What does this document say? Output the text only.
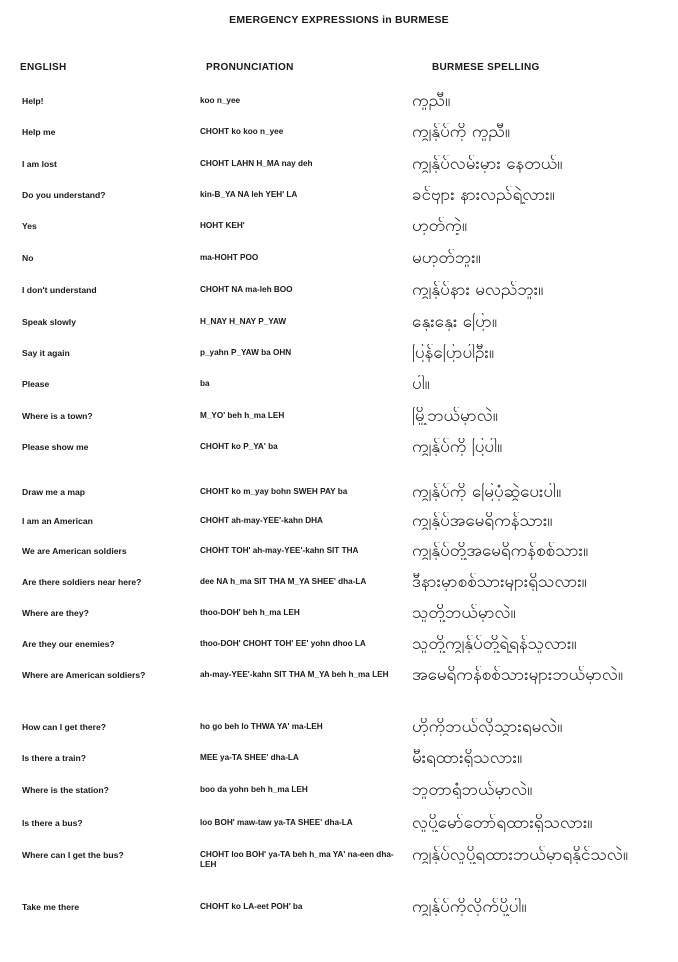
EMERGENCY EXPRESSIONS in BURMESE
ENGLISH	PRONUNCIATION	BURMESE SPELLING
Help!	koo n_yee	ကူညီ။
Help me	CHOHT ko koo n_yee	ကျွန်ုပ်ကို ကူညီ။
I am lost	CHOHT LAHN H_MA nay deh	ကျွန်ုပ်လမ်းမှား နေတယ်။
Do you understand?	kin-B_YA NA leh YEH' LA	ခင်ဗျား နားလည်ရဲ့လား။
Yes	HOHT KEH'	ဟုတ်ကဲ့။
No	ma-HOHT POO	မဟုတ်ဘူး။
I don't understand	CHOHT NA ma-leh BOO	ကျွန်ုပ်နား မလည်ဘူး။
Speak slowly	H_NAY H_NAY P_YAW	နှေးနှေး ပြော။
Say it again	p_yahn P_YAW ba OHN	ပြန်ပြောပါဦး။
Please	ba	ပါ။
Where is a town?	M_YO' beh h_ma LEH	မြို့ဘယ်မှာလဲ။
Please show me	CHOHT ko P_YA' ba	ကျွန်ုပ်ကို ပြပါ။
Draw me a map	CHOHT ko m_yay bohn SWEH PAY ba	ကျွန်ုပ်ကို မြေပုံဆွဲပေးပါ။
I am an American	CHOHT ah-may-YEE'-kahn DHA	ကျွန်ုပ်အမေရိကန်သား။
We are American soldiers	CHOHT TOH' ah-may-YEE'-kahn SIT THA	ကျွန်ုပ်တို့အမေရိကန်စစ်သား။
Are there soldiers near here?	dee NA h_ma SIT THA M_YA SHEE' dha-LA	ဒီနားမှာစစ်သားများရှိသလား။
Where are they?	thoo-DOH' beh h_ma LEH	သူတို့ဘယ်မှာလဲ။
Are they our enemies?	thoo-DOH' CHOHT TOH' EE' yohn dhoo LA	သူတို့ကျွန်ုပ်တို့ရဲ့ရန်သူလား။
Where are American soldiers?	ah-may-YEE'-kahn SIT THA M_YA beh h_ma LEH	အမေရိကန်စစ်သားများဘယ်မှာလဲ။
How can I get there?	ho go beh lo THWA YA' ma-LEH	ဟိုကိုဘယ်လိုသွားရမလဲ။
Is there a train?	MEE ya-TA SHEE' dha-LA	မီးရထားရှိသလား။
Where is the station?	boo da yohn beh h_ma LEH	ဘူတာရုံဘယ်မှာလဲ။
Is there a bus?	loo BOH' maw-taw ya-TA SHEE' dha-LA	လူပို့မော်တော်ရထားရှိသလား။
Where can I get the bus?	CHOHT loo BOH' ya-TA beh h_ma YA' na-een dha-LEH	ကျွန်ုပ်လူပို့ရထားဘယ်မှာရနိုင်သလဲ။
Take me there	CHOHT ko LA-eet POH' ba	ကျွန်ုပ်ကိုလိုက်ပို့ပါ။
